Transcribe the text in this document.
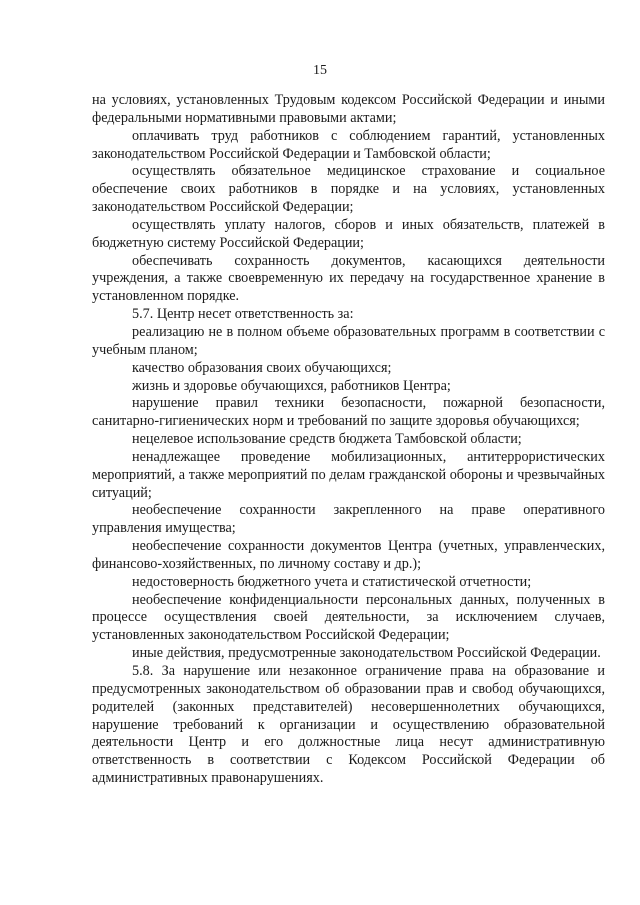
15

на условиях, установленных Трудовым кодексом Российской Федерации и иными федеральными нормативными правовыми актами;

оплачивать труд работников с соблюдением гарантий, установленных законодательством Российской Федерации и Тамбовской области;

осуществлять обязательное медицинское страхование и социальное обеспечение своих работников в порядке и на условиях, установленных законодательством Российской Федерации;

осуществлять уплату налогов, сборов и иных обязательств, платежей в бюджетную систему Российской Федерации;

обеспечивать сохранность документов, касающихся деятельности учреждения, а также своевременную их передачу на государственное хранение в установленном порядке.

5.7. Центр несет ответственность за:

реализацию не в полном объеме образовательных программ в соответствии с учебным планом;

качество образования своих обучающихся;

жизнь и здоровье обучающихся, работников Центра;

нарушение правил техники безопасности, пожарной безопасности, санитарно-гигиенических норм и требований по защите здоровья обучающихся;

нецелевое использование средств бюджета Тамбовской области;

ненадлежащее проведение мобилизационных, антитеррористических мероприятий, а также мероприятий по делам гражданской обороны и чрезвычайных ситуаций;

необеспечение сохранности закрепленного на праве оперативного управления имущества;

необеспечение сохранности документов Центра (учетных, управленческих, финансово-хозяйственных, по личному составу и др.);

недостоверность бюджетного учета и статистической отчетности;

необеспечение конфиденциальности персональных данных, полученных в процессе осуществления своей деятельности, за исключением случаев, установленных законодательством Российской Федерации;

иные действия, предусмотренные законодательством Российской Федерации.

5.8. За нарушение или незаконное ограничение права на образование и предусмотренных законодательством об образовании прав и свобод обучающихся, родителей (законных представителей) несовершеннолетних обучающихся, нарушение требований к организации и осуществлению образовательной деятельности Центр и его должностные лица несут административную ответственность в соответствии с Кодексом Российской Федерации об административных правонарушениях.
